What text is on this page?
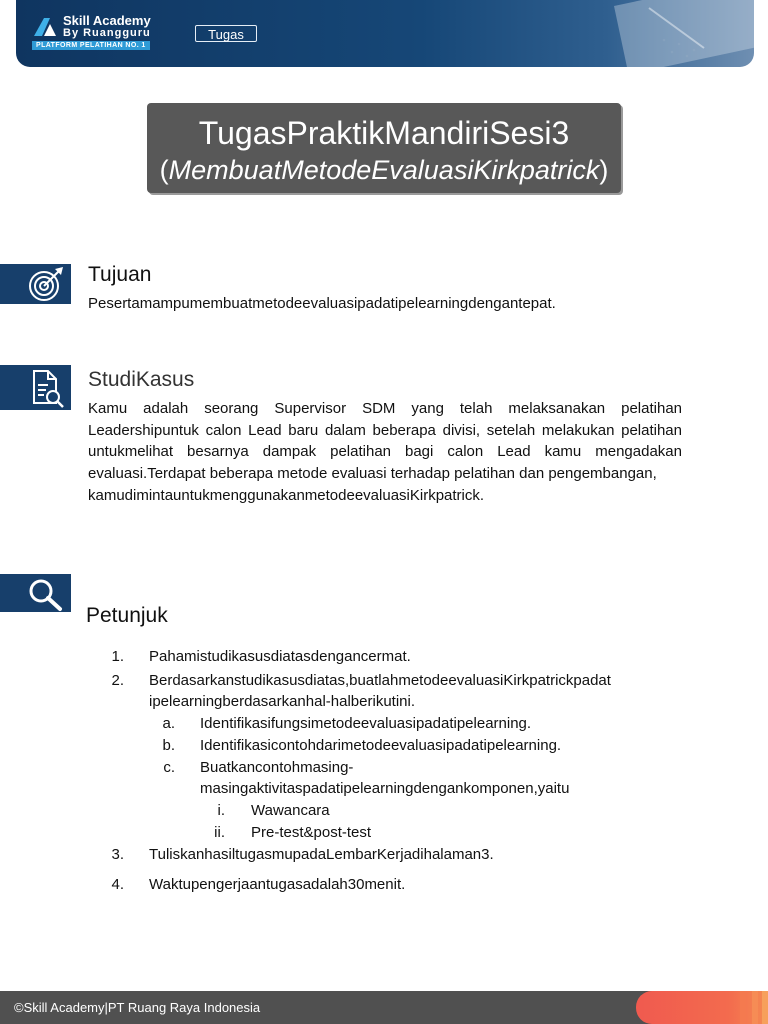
Skill Academy
By Ruangguru
PLATFORM PELATIHAN NO. 1
Tugas
TugasPraktikMandiriSesi3
(MembuatMetodeEvaluasiKirkpatrick)
Tujuan
Pesertamampumembuatmetodeevaluasipadatipelearningdengantepat.
StudiKasus
Kamu adalah seorang Supervisor SDM yang telah melaksanakan pelatihan Leadershipuntuk calon Lead baru dalam beberapa divisi, setelah melakukan pelatihan untukmelihat besarnya dampak pelatihan bagi calon Lead kamu mengadakan evaluasi.Terdapat beberapa metode evaluasi terhadap pelatihan dan pengembangan,
kamudimintauntukmenggunakanmetodeevaluasiKirkpatrick.
Petunjuk
1. Pahamistudikasusdiatasdengancermat.
2. Berdasarkanstudikasusdiatas,buatlahmetodeevaluasiKirkpatrickpadat
ipelearningberdasarkanhal-halberikutini.
a. Identifikasifungsimetodeevaluasipadatipelearning.
b. Identifikasicontohdarimetodeevaluasipadatipelearning.
c. Buatkancontohmasing-
masingaktivitaspadatipelearningdengankomponen,yaitu
i. Wawancara
ii. Pre-test&post-test
3. TuliskanhasiltugasmupadaLembarKerjadihalaman3.
4. Waktupengerjaantugasadalah30menit.
©Skill Academy|PT Ruang Raya Indonesia
